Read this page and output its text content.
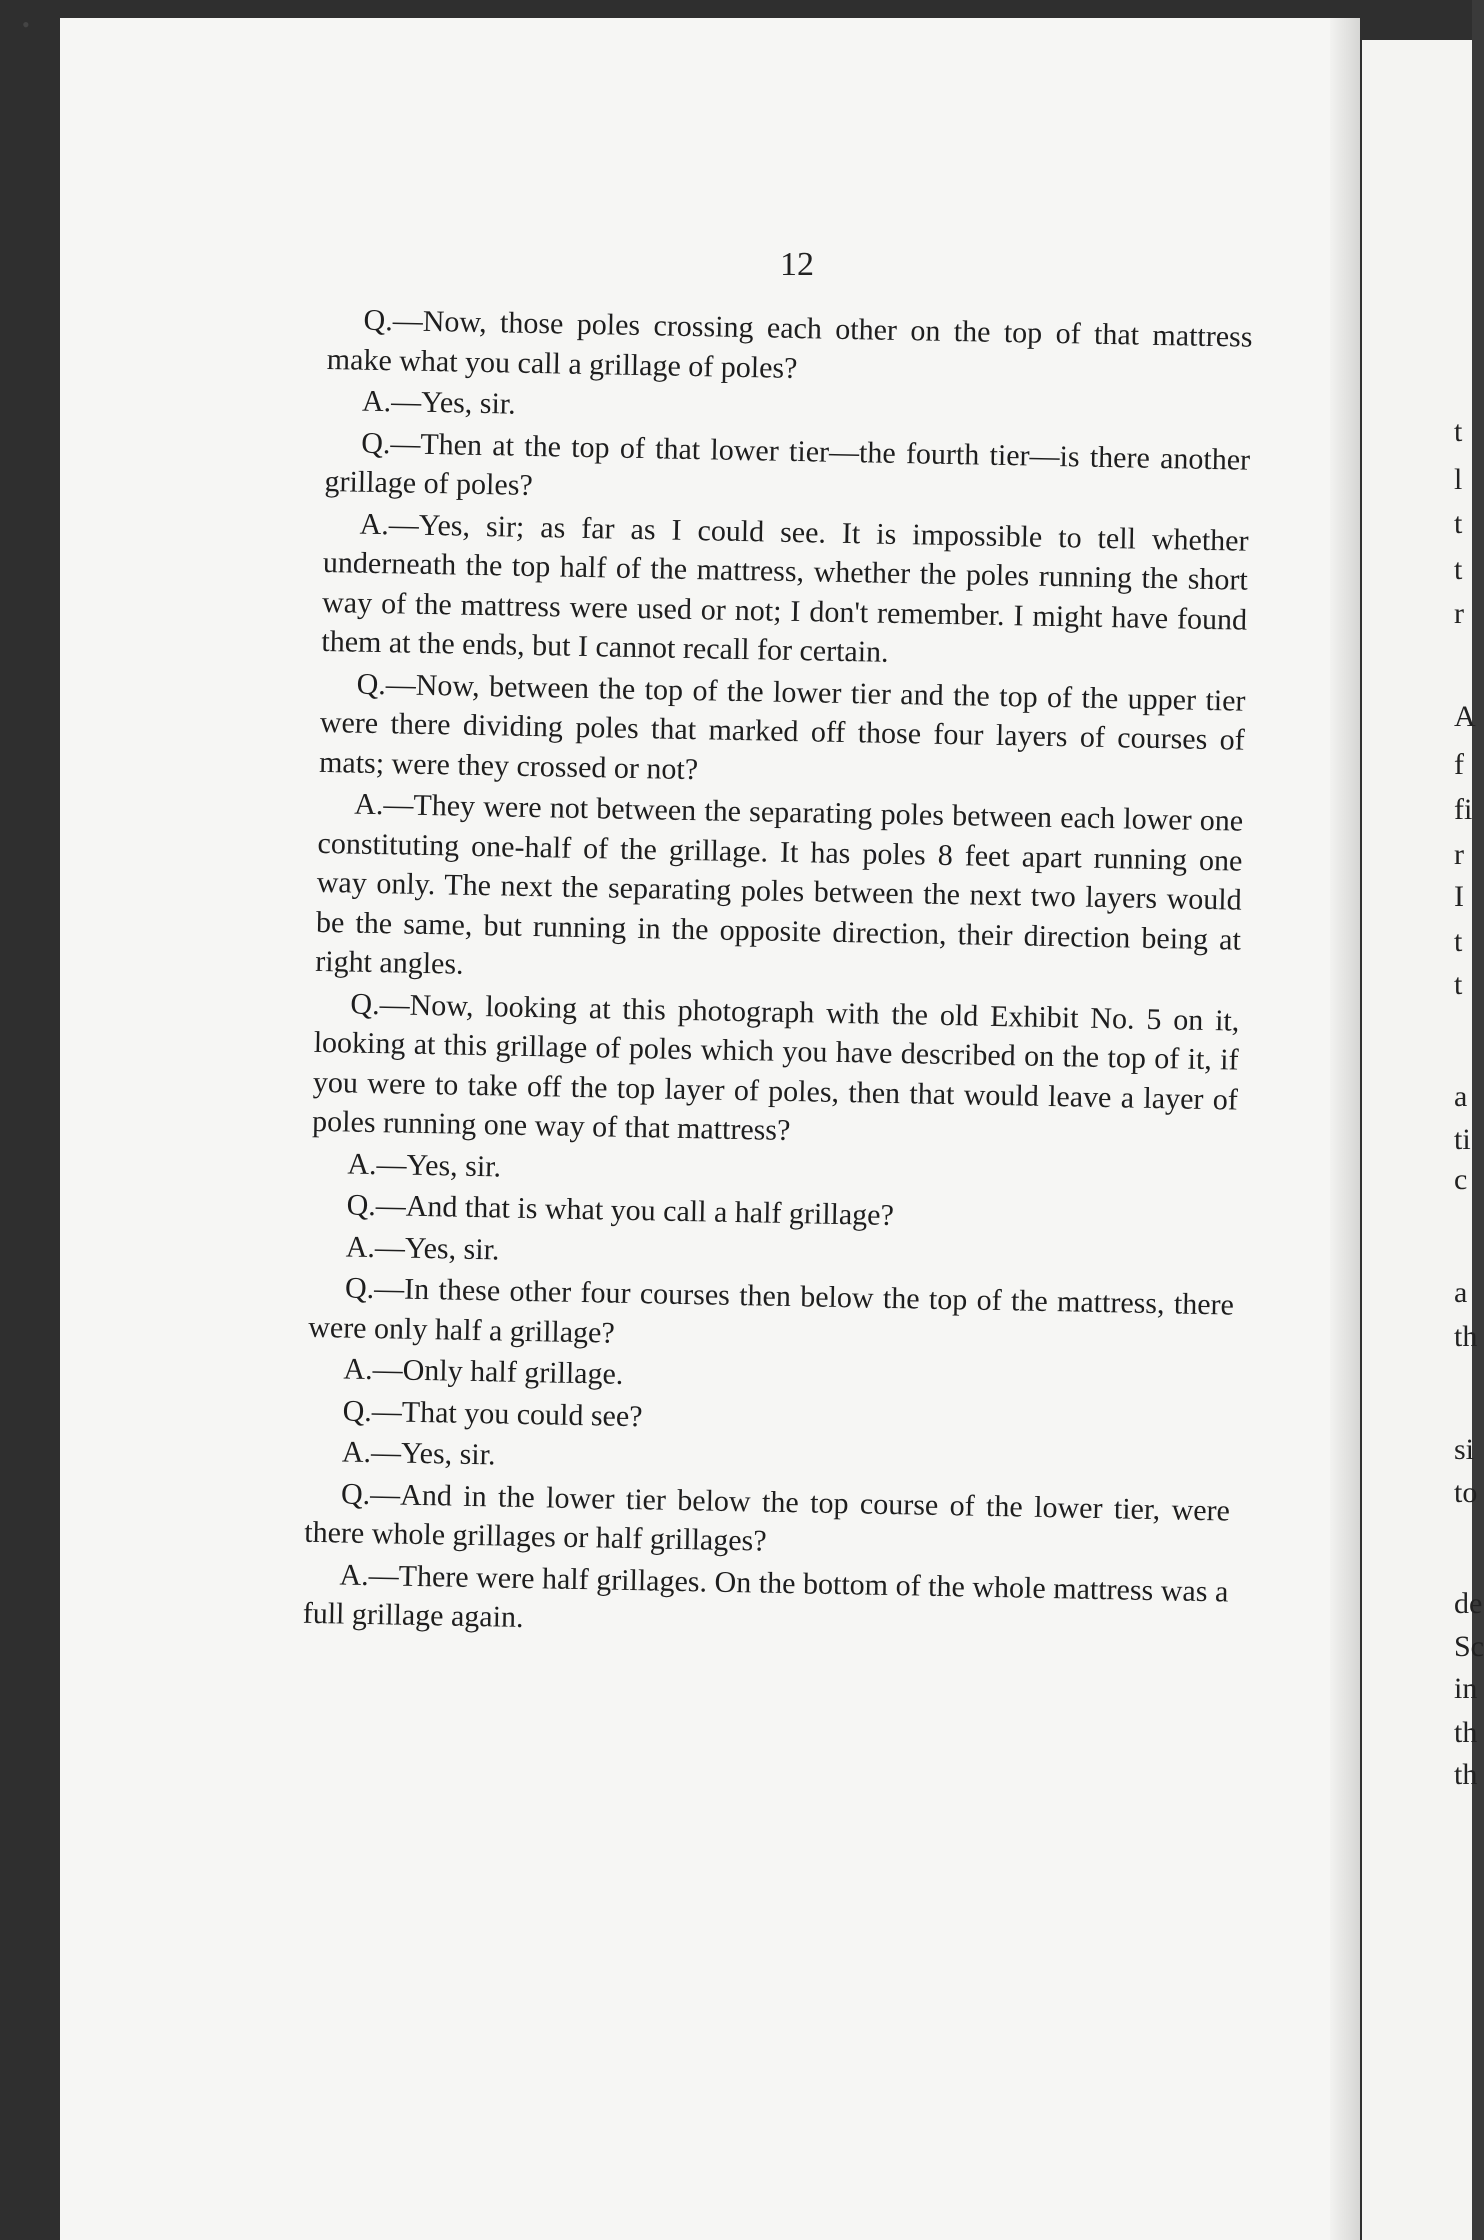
•
12

Q.—Now, those poles crossing each other on the top of that mattress make what you call a grillage of poles?

A.—Yes, sir.

Q.—Then at the top of that lower tier—the fourth tier—is there another grillage of poles?

A.—Yes, sir; as far as I could see. It is impossible to tell whether underneath the top half of the mattress, whether the poles running the short way of the mattress were used or not; I don't remember. I might have found them at the ends, but I cannot recall for certain.

Q.—Now, between the top of the lower tier and the top of the upper tier were there dividing poles that marked off those four layers of courses of mats; were they crossed or not?

A.—They were not between the separating poles between each lower one constituting one-half of the grillage. It has poles 8 feet apart running one way only. The next the separating poles between the next two layers would be the same, but running in the opposite direction, their direction being at right angles.

Q.—Now, looking at this photograph with the old Exhibit No. 5 on it, looking at this grillage of poles which you have described on the top of it, if you were to take off the top layer of poles, then that would leave a layer of poles running one way of that mattress?

A.—Yes, sir.

Q.—And that is what you call a half grillage?

A.—Yes, sir.

Q.—In these other four courses then below the top of the mattress, there were only half a grillage?

A.—Only half grillage.

Q.—That you could see?

A.—Yes, sir.

Q.—And in the lower tier below the top course of the lower tier, were there whole grillages or half grillages?

A.—There were half grillages. On the bottom of the whole mattress was a full grillage again.

t
l
t
t
r
A
f
fi
r
I
t
t
a
ti
c
a
th
si
to
de
Sc
in
th
th
